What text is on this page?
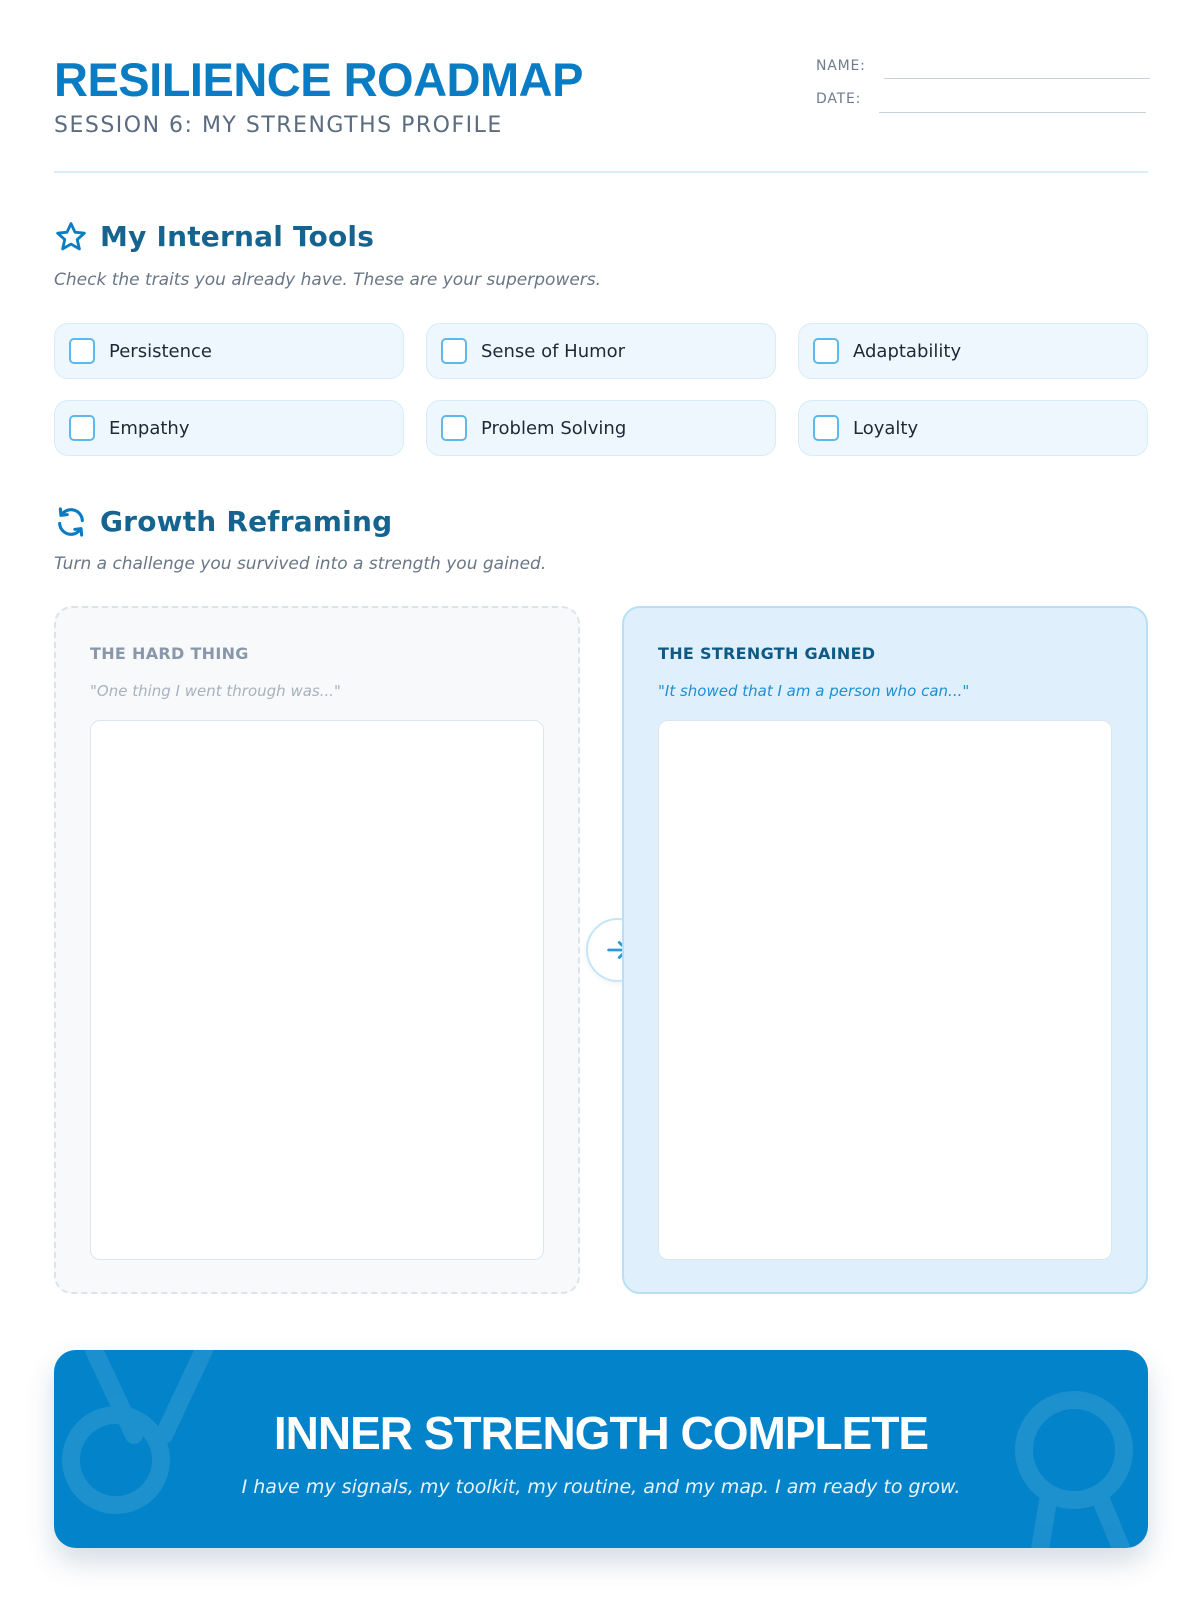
RESILIENCE ROADMAP
SESSION 6: MY STRENGTHS PROFILE
NAME:
DATE:
My Internal Tools
Check the traits you already have. These are your superpowers.
Persistence	Sense of Humor	Adaptability
Empathy	Problem Solving	Loyalty
Growth Reframing
Turn a challenge you survived into a strength you gained.
THE HARD THING
"One thing I went through was..."
THE STRENGTH GAINED
"It showed that I am a person who can..."
INNER STRENGTH COMPLETE
I have my signals, my toolkit, my routine, and my map. I am ready to grow.
